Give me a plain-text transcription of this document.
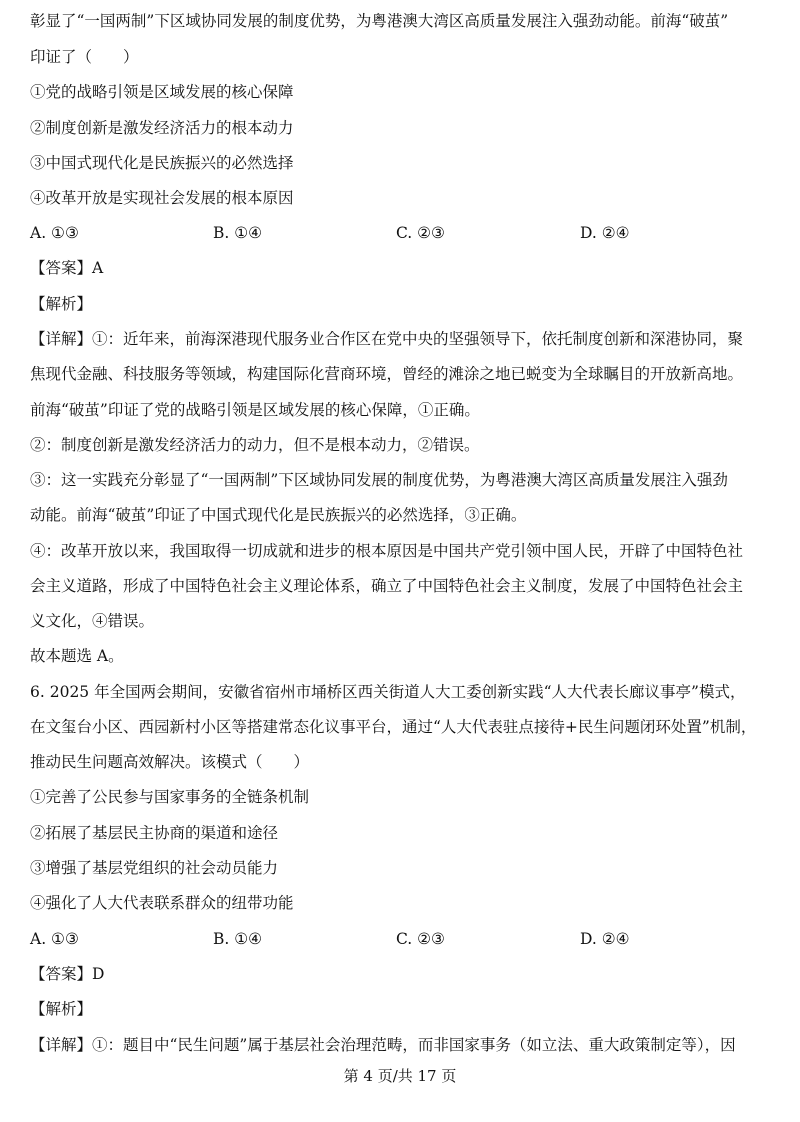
彰显了“一国两制”下区域协同发展的制度优势，为粤港澳大湾区高质量发展注入强劲动能。前海“破茧”
印证了（　　）
①党的战略引领是区域发展的核心保障
②制度创新是激发经济活力的根本动力
③中国式现代化是民族振兴的必然选择
④改革开放是实现社会发展的根本原因
A. ①③	B. ①④	C. ②③	D. ②④
【答案】A
【解析】
【详解】①：近年来，前海深港现代服务业合作区在党中央的坚强领导下，依托制度创新和深港协同，聚
焦现代金融、科技服务等领域，构建国际化营商环境，曾经的滩涂之地已蜕变为全球瞩目的开放新高地。
前海“破茧”印证了党的战略引领是区域发展的核心保障，①正确。
②：制度创新是激发经济活力的动力，但不是根本动力，②错误。
③：这一实践充分彰显了“一国两制”下区域协同发展的制度优势，为粤港澳大湾区高质量发展注入强劲
动能。前海“破茧”印证了中国式现代化是民族振兴的必然选择，③正确。
④：改革开放以来，我国取得一切成就和进步的根本原因是中国共产党引领中国人民，开辟了中国特色社
会主义道路，形成了中国特色社会主义理论体系，确立了中国特色社会主义制度，发展了中国特色社会主
义文化，④错误。
故本题选 A。
6. 2025 年全国两会期间，安徽省宿州市埇桥区西关街道人大工委创新实践“人大代表长廊议事亭”模式，
在文玺台小区、西园新村小区等搭建常态化议事平台，通过“人大代表驻点接待+民生问题闭环处置”机制，
推动民生问题高效解决。该模式（　　）
①完善了公民参与国家事务的全链条机制
②拓展了基层民主协商的渠道和途径
③增强了基层党组织的社会动员能力
④强化了人大代表联系群众的纽带功能
A. ①③	B. ①④	C. ②③	D. ②④
【答案】D
【解析】
【详解】①：题目中“民生问题”属于基层社会治理范畴，而非国家事务（如立法、重大政策制定等），因
第 4 页/共 17 页
